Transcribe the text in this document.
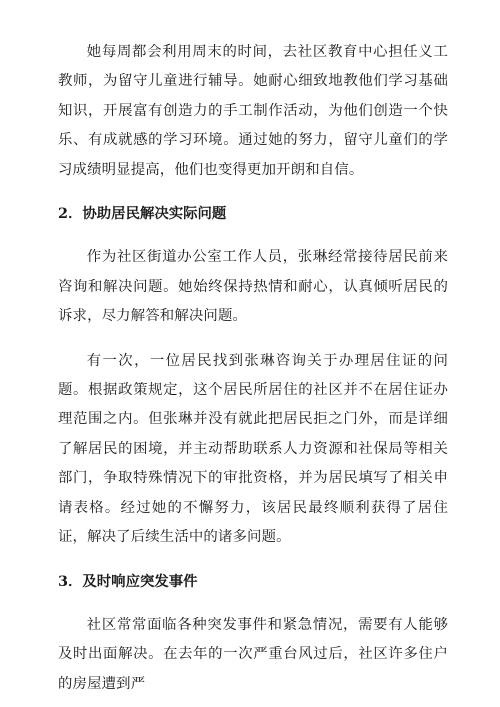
她每周都会利用周末的时间，去社区教育中心担任义工教师，为留守儿童进行辅导。她耐心细致地教他们学习基础知识，开展富有创造力的手工制作活动，为他们创造一个快乐、有成就感的学习环境。通过她的努力，留守儿童们的学习成绩明显提高，他们也变得更加开朗和自信。

2．协助居民解决实际问题

作为社区街道办公室工作人员，张琳经常接待居民前来咨询和解决问题。她始终保持热情和耐心，认真倾听居民的诉求，尽力解答和解决问题。

有一次，一位居民找到张琳咨询关于办理居住证的问题。根据政策规定，这个居民所居住的社区并不在居住证办理范围之内。但张琳并没有就此把居民拒之门外，而是详细了解居民的困境，并主动帮助联系人力资源和社保局等相关部门，争取特殊情况下的审批资格，并为居民填写了相关申请表格。经过她的不懈努力，该居民最终顺利获得了居住证，解决了后续生活中的诸多问题。

3．及时响应突发事件

社区常常面临各种突发事件和紧急情况，需要有人能够及时出面解决。在去年的一次严重台风过后，社区许多住户的房屋遭到严
